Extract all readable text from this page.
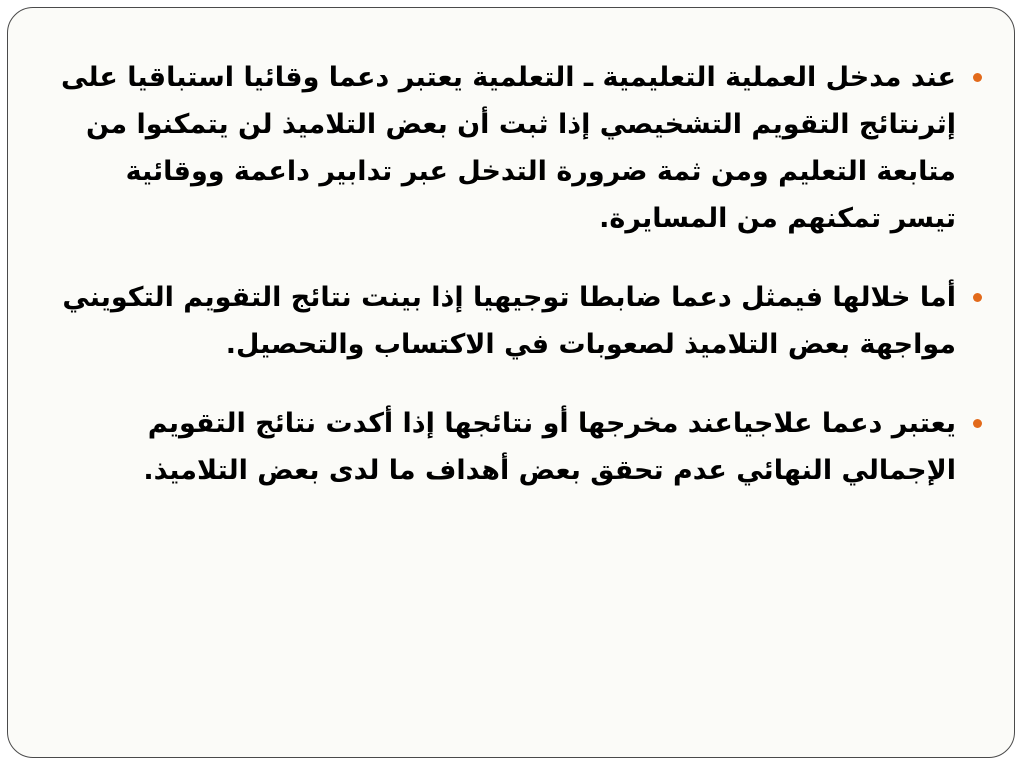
عند مدخل العملية التعليمية ـ التعلمية يعتبر دعما وقائيا استباقيا على إثرنتائج التقويم التشخيصي إذا ثبت أن بعض التلاميذ لن يتمكنوا من متابعة التعليم ومن ثمة ضرورة التدخل عبر تدابير داعمة ووقائية تيسر تمكنهم من المسايرة.
أما خلالها فيمثل دعما ضابطا توجيهيا إذا بينت نتائج التقويم التكويني مواجهة بعض التلاميذ لصعوبات في الاكتساب والتحصيل.
يعتبر دعما علاجياعند مخرجها أو نتائجها إذا أكدت نتائج التقويم الإجمالي النهائي عدم تحقق بعض أهداف ما لدى بعض التلاميذ.
